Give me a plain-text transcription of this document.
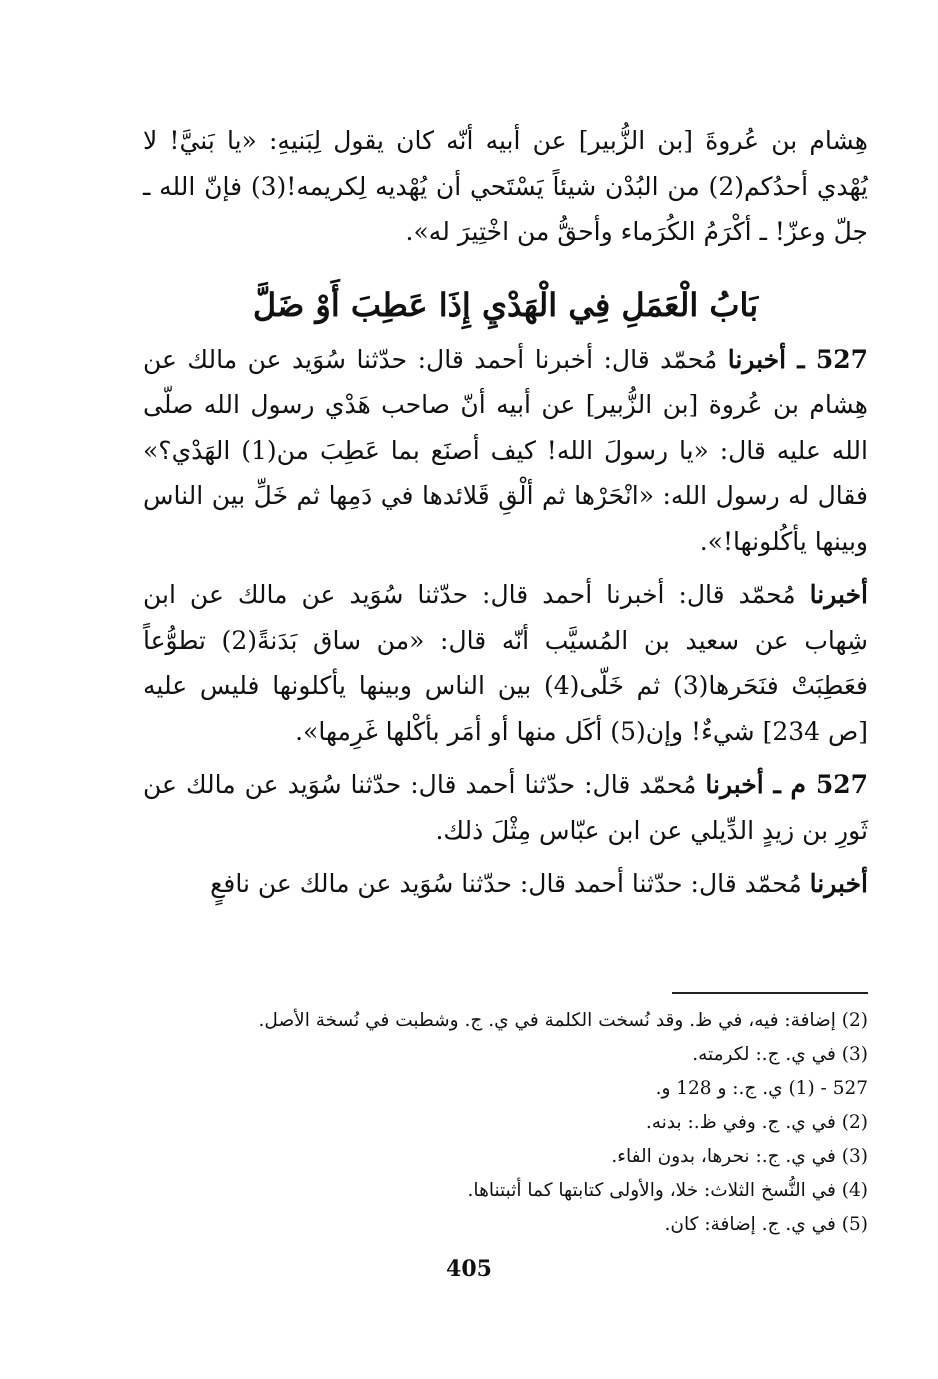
هِشام بن عُروةَ [بن الزُّبير] عن أبيه أنّه كان يقول لِبَنيهِ: «يا بَنيَّ! لا يُهْدي أحدُكم(2) من البُدْن شيئاً يَسْتَحي أن يُهْديه لِكريمه!(3) فإنّ الله ـ جلّ وعزّ! ـ أكْرَمُ الكُرَماء وأحقُّ من اخْتِيرَ له».

بَابُ الْعَمَلِ فِي الْهَدْيِ إِذَا عَطِبَ أَوْ ضَلَّ

527 ـ أخبرنا مُحمّد قال: أخبرنا أحمد قال: حدّثنا سُوَيد عن مالك عن هِشام بن عُروة [بن الزُّبير] عن أبيه أنّ صاحب هَدْي رسول الله صلّى الله عليه قال: «يا رسولَ الله! كيف أصنَع بما عَطِبَ من(1) الهَدْي؟» فقال له رسول الله: «انْحَرْها ثم ألْقِ قَلائدها في دَمِها ثم خَلِّ بين الناس وبينها يأكُلونها!».

أخبرنا مُحمّد قال: أخبرنا أحمد قال: حدّثنا سُوَيد عن مالك عن ابن شِهاب عن سعيد بن المُسيَّب أنّه قال: «من ساق بَدَنةً(2) تطوُّعاً فعَطِبَتْ فنَحَرها(3) ثم خَلّى(4) بين الناس وبينها يأكلونها فليس عليه [ص 234] شيءٌ! وإن(5) أكَل منها أو أمَر بأكْلها غَرِمها».

527 م ـ أخبرنا مُحمّد قال: حدّثنا أحمد قال: حدّثنا سُوَيد عن مالك عن ثَورِ بن زيدٍ الدِّيلي عن ابن عبّاس مِثْلَ ذلك.

أخبرنا مُحمّد قال: حدّثنا أحمد قال: حدّثنا سُوَيد عن مالك عن نافعٍ

(2) إضافة: فيه، في ظ. وقد نُسخت الكلمة في ي. ج. وشطبت في نُسخة الأصل.
(3) في ي. ج.: لكرمته.
527 - (1) ي. ج.: و 128 و.
(2) في ي. ج. وفي ظ.: بدنه.
(3) في ي. ج.: نحرها، بدون الفاء.
(4) في النُّسخ الثلاث: خلا، والأولى كتابتها كما أثبتناها.
(5) في ي. ج. إضافة: كان.
405
